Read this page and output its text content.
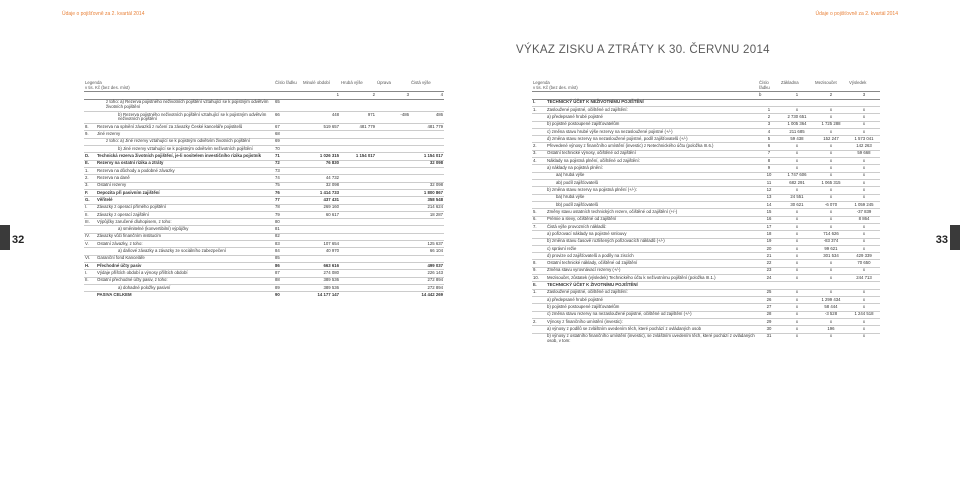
Údaje o pojišťovně za 2. kvartál 2014	Údaje o pojišťovně za 2. kvartál 2014
VÝKAZ ZISKU A ZTRÁTY K 30. ČERVNU 2014
32	33
Legenda
v tis. Kč (bez des. míst)		Číslo řádku	Minulé období	Hrubá výše	Úprava	Čistá výše
			1	2	3	4
	z toho: a) Rezerva pojistného neživotních pojištění vztahující se k pojistným odvětvím životních pojištění	65				
	b) Rezerva pojistného neživotních pojištění vztahující se k pojistným odvětvím neživotních pojištění	66	448	971	-486	486
8.	Rezerva na splnění závazků z ručení za závazky České kanceláře pojistitelů	67	519 657	481 779		481 779
9.	Jiné rezervy	68				
	z toho: a) Jiné rezervy vztahující se k pojistným odvětvím životních pojištění	69				
	b) Jiné rezervy vztahující se k pojistným odvětvím neživotních pojištění	70				
D.	Technická rezerva životních pojištění, je-li nositelem investičního rizika pojistník	71	1 026 315	1 154 017		1 154 017
E.	Rezervy na ostatní rizika a ztráty	72	76 830			32 098
1.	Rezerva na důchody a podobné závazky	73				
2.	Rezerva na daně	74	44 732			
3.	Ostatní rezervy	75	32 098			32 098
F.	Depozita při pasivním zajištění	76	1 414 733			1 800 867
G.	Věřitelé	77	437 431			358 548
I.	Závazky z operací přímého pojištění	78	269 160			214 624
II.	Závazky z operací zajištění	79	60 617			18 287
III.	Výpůjčky zaručené dluhopisem, z toho:	80				
	a) směnitelné (konvertibilní) výpůjčky	81				
IV.	Závazky vůči finančním institucím	82				
V.	Ostatní závazky, z toho:	83	107 654			125 637
	a) daňové závazky a závazky ze sociálního zabezpečení	84	40 970			66 104
VI.	Garanční fond Kanceláře	85				
H.	Přechodné účty pasiv	86	663 616			499 037
I.	Výdaje příštích období a výnosy příštích období	87	274 080			226 143
II.	Ostatní přechodné účty pasiv, z toho:	88	389 536			272 894
	a) dohadné položky pasivní	89	389 536			272 894
	PASIVA CELKEM	90	14 177 147			14 442 269
Legenda
v tis. Kč (bez des. míst)		Číslo řádku	Základna	Mezisoučet	Výsledek
		b	1	2	3
I.	TECHNICKÝ ÚČET K NEŽIVOTNÍMU POJIŠTĚNÍ				
1.	Zasloužené pojistné, očištěné od zajištění:	1	x	x	x
	a) předepsané hrubé pojistné	2	2 730 651	x	x
	b) pojistné postoupené zajišťovatelům	3	1 005 364	1 725 288	x
	c) změna stavu hrubé výše rezervy na nezasloužené pojistné (+/-)	4	211 685	x	x
	d) změna stavu rezervy na nezasloužené pojistné, podíl zajišťovatelů (+/-)	5	59 438	152 247	1 573 041
2.	Převedené výnosy z finančního umístění (investic) z Netechnického účtu (položka III.6.)	6	x	x	142 263
3.	Ostatní technické výnosy, očištěné od zajištění	7	x	x	59 668
4.	Náklady na pojistná plnění, očištěné od zajištění:	8	x	x	x
	a) náklady na pojistná plnění:	9	x	x	x
	aa) hrubá výše	10	1 747 606	x	x
	ab) podíl zajišťovatelů	11	682 291	1 065 315	x
	b) změna stavu rezervy na pojistná plnění (+/-):	12	x	x	x
	ba) hrubá výše	13	24 551	x	x
	bb) podíl zajišťovatelů	14	30 621	-6 070	1 059 245
5.	Změny stavu ostatních technických rezerv, očištěné od zajištění (+/-)	15	x	x	-37 839
6.	Prémie a slevy, očištěné od zajištění	16	x	x	8 864
7.	Čistá výše provozních nákladů:	17	x	x	x
	a) pořizovací náklady na pojistné smlouvy	18	x	714 626	x
	b) změna stavu časově rozlišených pořizovacích nákladů (+/-)	19	x	-83 374	x
	c) správní režie	20	x	99 621	x
	d) provize od zajišťovatelů a podíly na ziscích	21	x	301 534	429 339
8.	Ostatní technické náklady, očištěné od zajištění	22	x	x	70 650
9.	Změna stavu vyrovnávací rezervy (+/-)	23	x	x	x
10.	Mezisoučet, zůstatek (výsledek) Technického účtu k neživotnímu pojištění (položka III.1.)	24	x	x	244 713
II.	TECHNICKÝ ÚČET K ŽIVOTNÍMU POJIŠTĚNÍ				
1.	Zasloužené pojistné, očištěné od zajištění:	25	x	x	x
	a) předepsané hrubé pojistné	26	x	1 299 434	x
	b) pojistné postoupené zajišťovatelům	27	x	58 444	x
	c) změna stavu rezervy na nezasloužené pojistné, očištěné od zajištění (+/-)	28	x	-3 528	1 244 518
2.	Výnosy z finančního umístění (investic):	29	x	x	x
	a) výnosy z podílů se zvláštním uvedením těch, které pochází z ovládaných osob	30	x	196	x
	b) výnosy z ostatního finančního umístění (investic), se zvláštním uvedením těch, které pochází z ovládaných osob, v tom:	31	x	x	x
